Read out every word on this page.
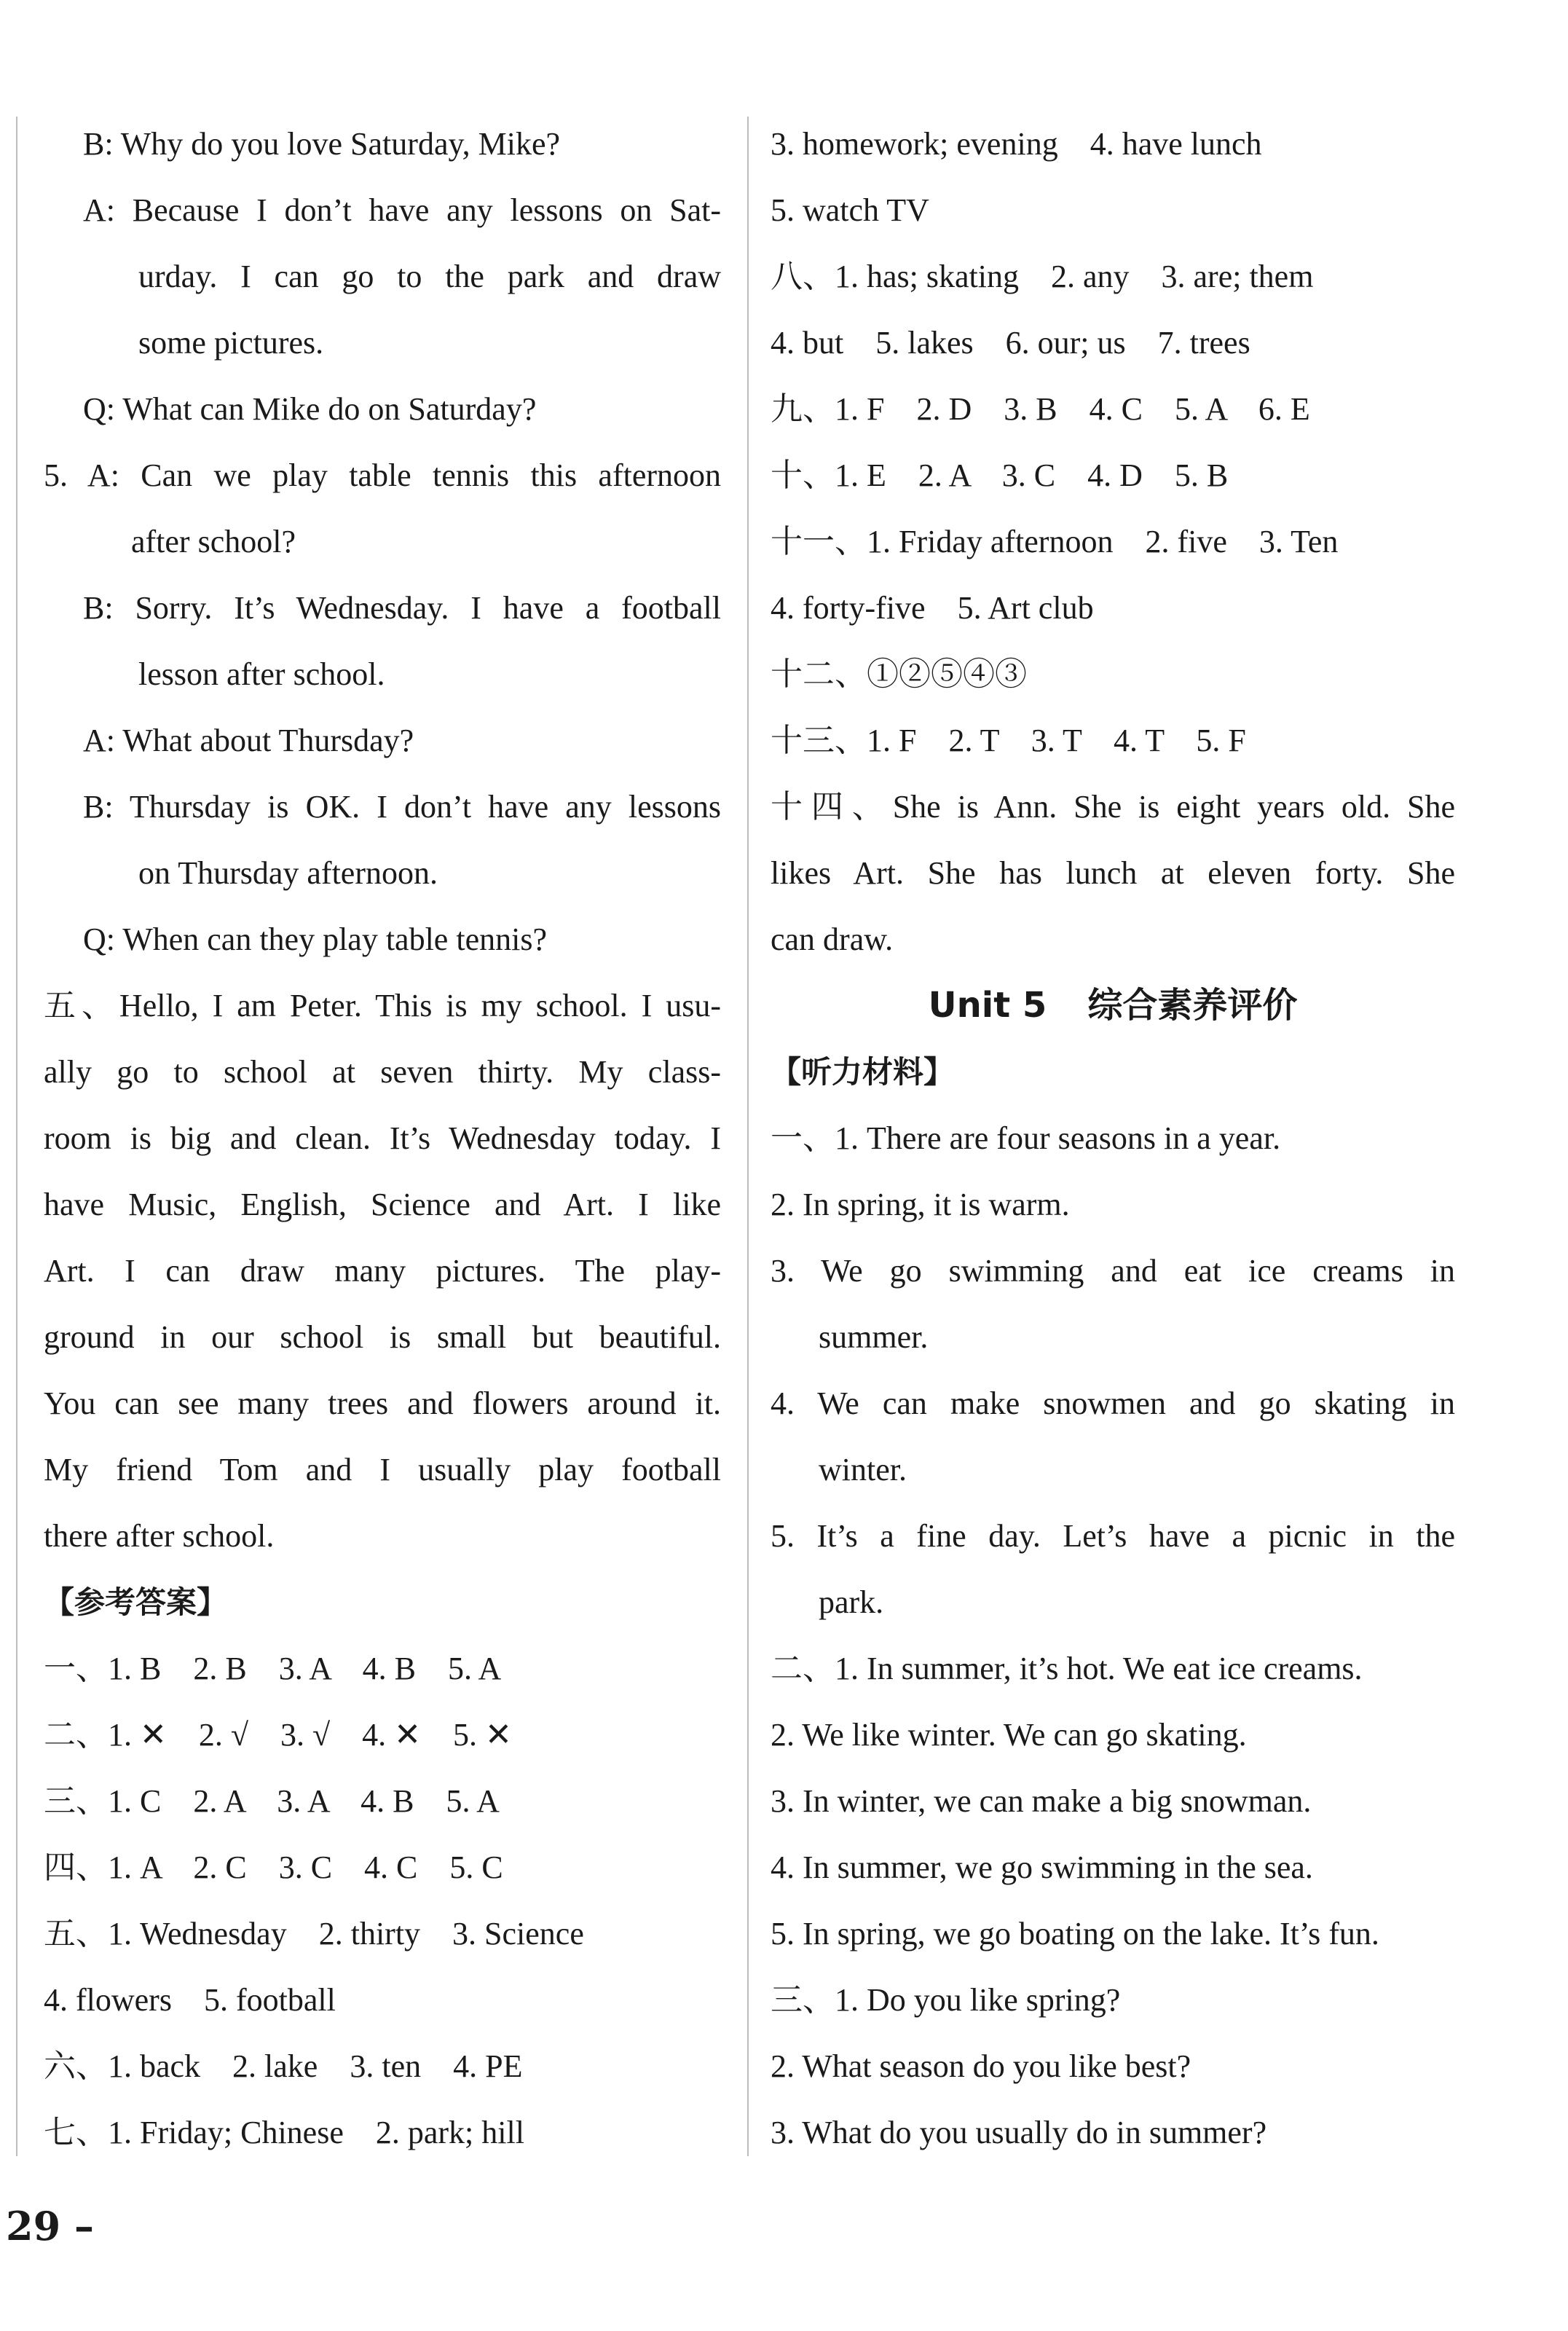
B: Why do you love Saturday, Mike?
A: Because I don’t have any lessons on Sat-
urday. I can go to the park and draw
some pictures.
Q: What can Mike do on Saturday?
5. A: Can we play table tennis this afternoon
after school?
B: Sorry. It’s Wednesday. I have a football
lesson after school.
A: What about Thursday?
B: Thursday is OK. I don’t have any lessons
on Thursday afternoon.
Q: When can they play table tennis?
五、Hello, I am Peter. This is my school. I usu-
ally go to school at seven thirty. My class-
room is big and clean. It’s Wednesday today. I
have Music, English, Science and Art. I like
Art. I can draw many pictures. The play-
ground in our school is small but beautiful.
You can see many trees and flowers around it.
My friend Tom and I usually play football
there after school.
【参考答案】
一、1. B　2. B　3. A　4. B　5. A
二、1. ✕　2. √　3. √　4. ✕　5. ✕
三、1. C　2. A　3. A　4. B　5. A
四、1. A　2. C　3. C　4. C　5. C
五、1. Wednesday　2. thirty　3. Science
4. flowers　5. football
六、1. back　2. lake　3. ten　4. PE
七、1. Friday; Chinese　2. park; hill
3. homework; evening　4. have lunch
5. watch TV
八、1. has; skating　2. any　3. are; them
4. but　5. lakes　6. our; us　7. trees
九、1. F　2. D　3. B　4. C　5. A　6. E
十、1. E　2. A　3. C　4. D　5. B
十一、1. Friday afternoon　2. five　3. Ten
4. forty-five　5. Art club
十二、①②⑤④③
十三、1. F　2. T　3. T　4. T　5. F
十四、She is Ann. She is eight years old. She
likes Art. She has lunch at eleven forty. She
can draw.
Unit 5 综合素养评价
【听力材料】
一、1. There are four seasons in a year.
2. In spring, it is warm.
3. We go swimming and eat ice creams in
summer.
4. We can make snowmen and go skating in
winter.
5. It’s a fine day. Let’s have a picnic in the
park.
二、1. In summer, it’s hot. We eat ice creams.
2. We like winter. We can go skating.
3. In winter, we can make a big snowman.
4. In summer, we go swimming in the sea.
5. In spring, we go boating on the lake. It’s fun.
三、1. Do you like spring?
2. What season do you like best?
3. What do you usually do in summer?
29 –
